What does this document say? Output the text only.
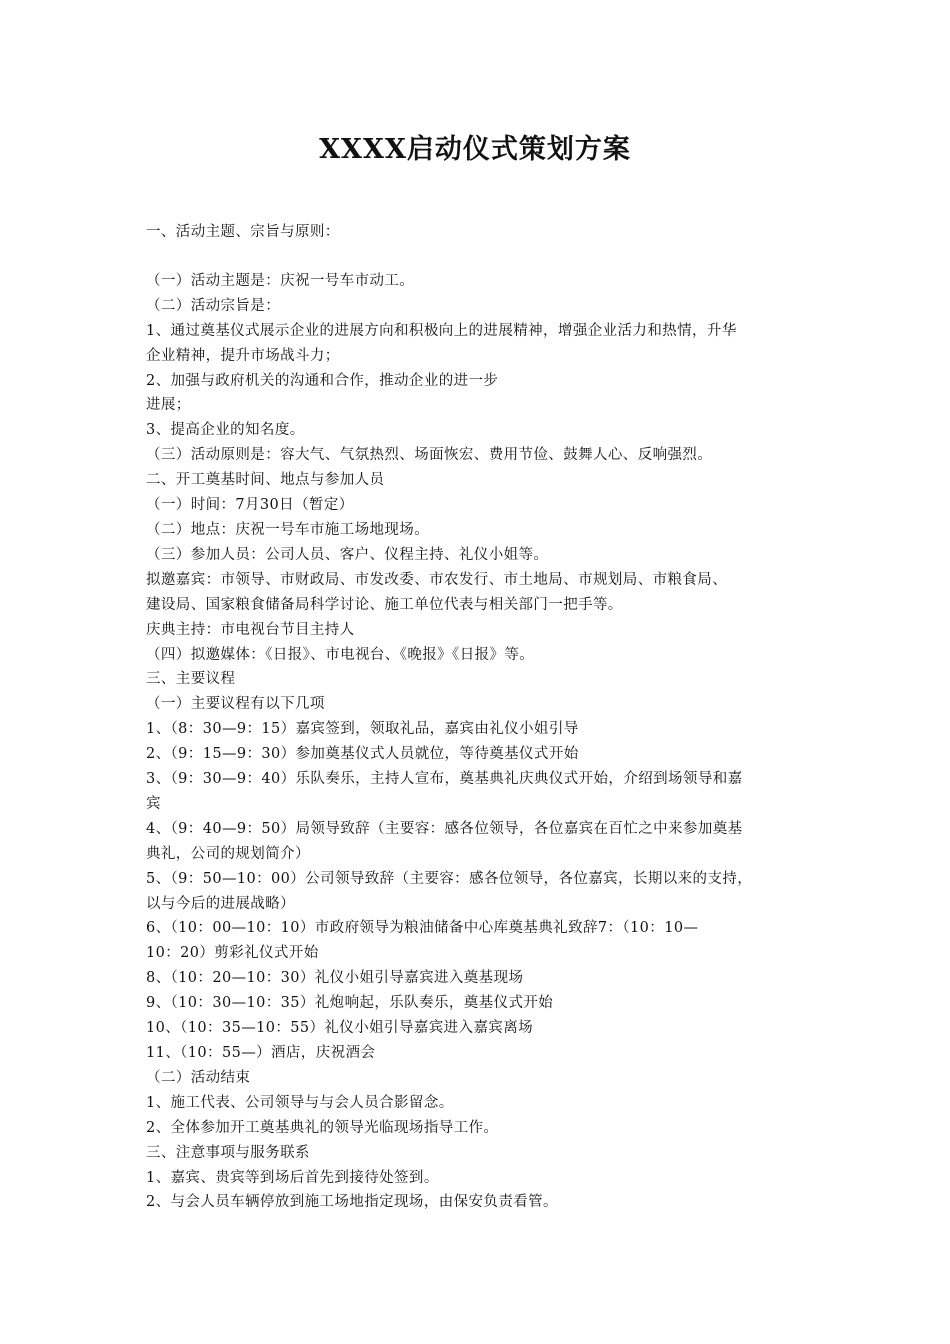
XXXX启动仪式策划方案
一、活动主题、宗旨与原则：
（一）活动主题是：庆祝一号车市动工。
（二）活动宗旨是：
1、通过奠基仪式展示企业的进展方向和积极向上的进展精神，增强企业活力和热情，升华
企业精神，提升市场战斗力；
2、加强与政府机关的沟通和合作，推动企业的进一步
进展；
3、提高企业的知名度。
（三）活动原则是：容大气、气氛热烈、场面恢宏、费用节俭、鼓舞人心、反响强烈。
二、开工奠基时间、地点与参加人员
（一）时间：7月30日（暂定）
（二）地点：庆祝一号车市施工场地现场。
（三）参加人员：公司人员、客户、仪程主持、礼仪小姐等。
拟邀嘉宾：市领导、市财政局、市发改委、市农发行、市土地局、市规划局、市粮食局、
建设局、国家粮食储备局科学讨论、施工单位代表与相关部门一把手等。
庆典主持：市电视台节目主持人
（四）拟邀媒体：《日报》、市电视台、《晚报》《日报》等。
三、主要议程
（一）主要议程有以下几项
1、（8：30—9：15）嘉宾签到，领取礼品，嘉宾由礼仪小姐引导
2、（9：15—9：30）参加奠基仪式人员就位，等待奠基仪式开始
3、（9：30—9：40）乐队奏乐，主持人宣布，奠基典礼庆典仪式开始，介绍到场领导和嘉
宾
4、（9：40—9：50）局领导致辞（主要容：感各位领导，各位嘉宾在百忙之中来参加奠基
典礼，公司的规划简介）
5、（9：50—10：00）公司领导致辞（主要容：感各位领导，各位嘉宾，长期以来的支持，
以与今后的进展战略）
6、（10：00—10：10）市政府领导为粮油储备中心库奠基典礼致辞7：（10：10—
10：20）剪彩礼仪式开始
8、（10：20—10：30）礼仪小姐引导嘉宾进入奠基现场
9、（10：30—10：35）礼炮响起，乐队奏乐，奠基仪式开始
10、（10：35—10：55）礼仪小姐引导嘉宾进入嘉宾离场
11、（10：55—）酒店，庆祝酒会
（二）活动结束
1、施工代表、公司领导与与会人员合影留念。
2、全体参加开工奠基典礼的领导光临现场指导工作。
三、注意事项与服务联系
1、嘉宾、贵宾等到场后首先到接待处签到。
2、与会人员车辆停放到施工场地指定现场，由保安负责看管。
